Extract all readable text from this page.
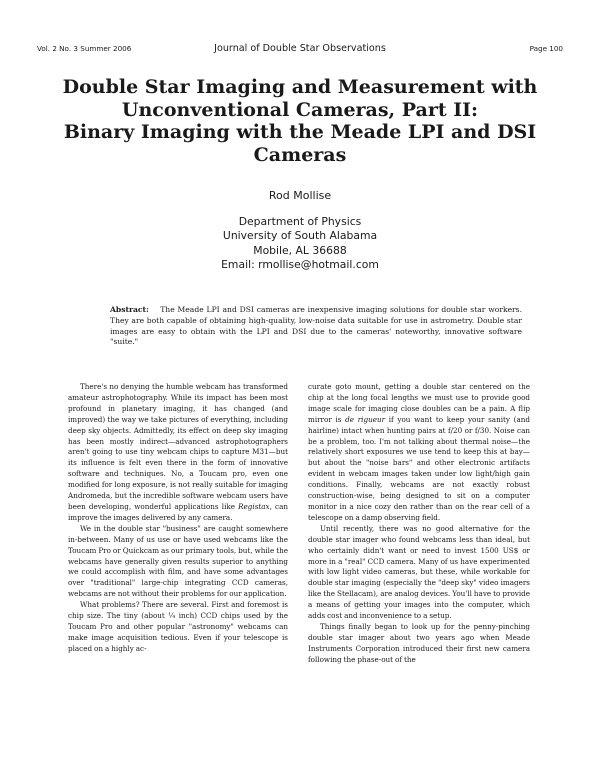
Vol. 2 No. 3 Summer 2006	Journal of Double Star Observations	Page 100
Double Star Imaging and Measurement with
Unconventional Cameras, Part II:
Binary Imaging with the Meade LPI and DSI
Cameras
Rod Mollise
Department of Physics
University of South Alabama
Mobile, AL 36688
Email: rmollise@hotmail.com

Abstract: The Meade LPI and DSI cameras are inexpensive imaging solutions for double star workers. They are both capable of obtaining high-quality, low-noise data suitable for use in astrometry. Double star images are easy to obtain with the LPI and DSI due to the cameras' noteworthy, innovative software "suite."

There's no denying the humble webcam has transformed amateur astrophotography. While its impact has been most profound in planetary imaging, it has changed (and improved) the way we take pictures of everything, including deep sky objects. Admittedly, its effect on deep sky imaging has been mostly indirect—advanced astrophotographers aren't going to use tiny webcam chips to capture M31—but its influence is felt even there in the form of innovative software and techniques. No, a Toucam pro, even one modified for long exposure, is not really suitable for imaging Andromeda, but the incredible software webcam users have been developing, wonderful applications like Registax, can improve the images delivered by any camera.

We in the double star "business" are caught somewhere in-between. Many of us use or have used webcams like the Toucam Pro or Quickcam as our primary tools, but, while the webcams have generally given results superior to anything we could accomplish with film, and have some advantages over "traditional" large-chip integrating CCD cameras, webcams are not without their problems for our application.

What problems? There are several. First and foremost is chip size. The tiny (about ¼ inch) CCD chips used by the Toucam Pro and other popular "astronomy" webcams can make image acquisition tedious. Even if your telescope is placed on a highly ac-

curate goto mount, getting a double star centered on the chip at the long focal lengths we must use to provide good image scale for imaging close doubles can be a pain. A flip mirror is de rigueur if you want to keep your sanity (and hairline) intact when hunting pairs at f/20 or f/30. Noise can be a problem, too. I'm not talking about thermal noise—the relatively short exposures we use tend to keep this at bay—but about the "noise bars" and other electronic artifacts evident in webcam images taken under low light/high gain conditions. Finally, webcams are not exactly robust construction-wise, being designed to sit on a computer monitor in a nice cozy den rather than on the rear cell of a telescope on a damp observing field.

Until recently, there was no good alternative for the double star imager who found webcams less than ideal, but who certainly didn't want or need to invest 1500 US$ or more in a "real" CCD camera. Many of us have experimented with low light video cameras, but these, while workable for double star imaging (especially the "deep sky" video imagers like the Stellacam), are analog devices. You'll have to provide a means of getting your images into the computer, which adds cost and inconvenience to a setup.

Things finally began to look up for the penny-pinching double star imager about two years ago when Meade Instruments Corporation introduced their first new camera following the phase-out of the
